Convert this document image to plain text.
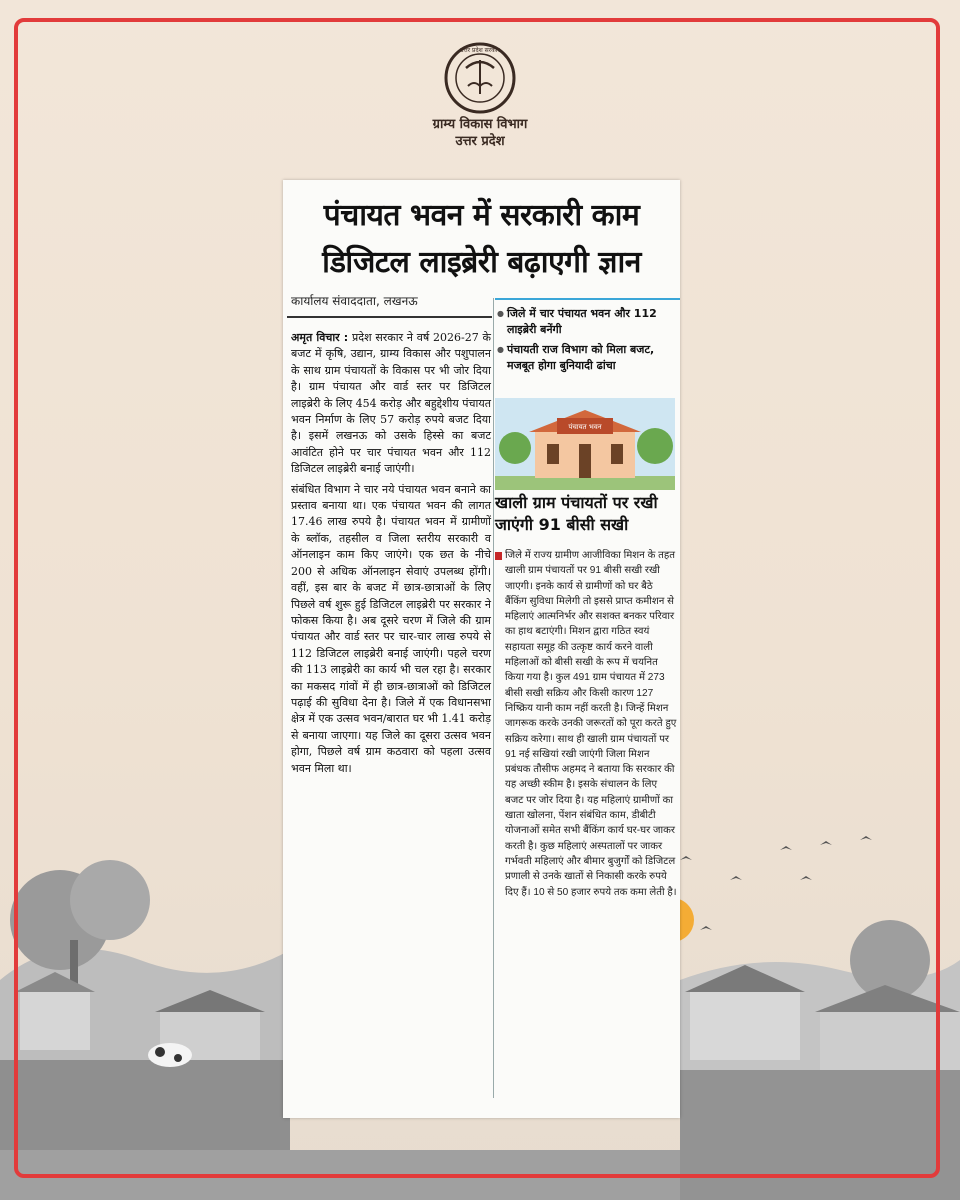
उत्तर प्रदेश सरकार
ग्राम्य विकास विभाग
उत्तर प्रदेश
पंचायत भवन में सरकारी काम
डिजिटल लाइब्रेरी बढ़ाएगी ज्ञान
कार्यालय संवाददाता, लखनऊ

अमृत विचार : प्रदेश सरकार ने वर्ष 2026-27 के बजट में कृषि, उद्यान, ग्राम्य विकास और पशुपालन के साथ ग्राम पंचायतों के विकास पर भी जोर दिया है। ग्राम पंचायत और वार्ड स्तर पर डिजिटल लाइब्रेरी के लिए 454 करोड़ और बहुद्देशीय पंचायत भवन निर्माण के लिए 57 करोड़ रुपये बजट दिया है। इसमें लखनऊ को उसके हिस्से का बजट आवंटित होने पर चार पंचायत भवन और 112 डिजिटल लाइब्रेरी बनाई जाएंगी।

संबंधित विभाग ने चार नये पंचायत भवन बनाने का प्रस्ताव बनाया था। एक पंचायत भवन की लागत 17.46 लाख रुपये है। पंचायत भवन में ग्रामीणों के ब्लॉक, तहसील व जिला स्तरीय सरकारी व ऑनलाइन काम किए जाएंगे। एक छत के नीचे 200 से अधिक ऑनलाइन सेवाएं उपलब्ध होंगी। वहीं, इस बार के बजट में छात्र-छात्राओं के लिए पिछले वर्ष शुरू हुई डिजिटल लाइब्रेरी पर सरकार ने फोकस किया है। अब दूसरे चरण में जिले की ग्राम पंचायत और वार्ड स्तर पर चार-चार लाख रुपये से 112 डिजिटल लाइब्रेरी बनाई जाएंगी। पहले चरण की 113 लाइब्रेरी का कार्य भी चल रहा है। सरकार का मकसद गांवों में ही छात्र-छात्राओं को डिजिटल पढ़ाई की सुविधा देना है। जिले में एक विधानसभा क्षेत्र में एक उत्सव भवन/बारात घर भी 1.41 करोड़ से बनाया जाएगा। यह जिले का दूसरा उत्सव भवन होगा, पिछले वर्ष ग्राम कठवारा को पहला उत्सव भवन मिला था।

● जिले में चार पंचायत भवन और 112 लाइब्रेरी बनेंगी
● पंचायती राज विभाग को मिला बजट, मजबूत होगा बुनियादी ढांचा
पंचायत भवन
खाली ग्राम पंचायतों पर रखी जाएंगी 91 बीसी सखी
जिले में राज्य ग्रामीण आजीविका मिशन के तहत खाली ग्राम पंचायतों पर 91 बीसी सखी रखी जाएगी। इनके कार्य से ग्रामीणों को घर बैठे बैंकिंग सुविधा मिलेगी तो इससे प्राप्त कमीशन से महिलाएं आत्मनिर्भर और सशक्त बनकर परिवार का हाथ बटाएंगी। मिशन द्वारा गठित स्वयं सहायता समूह की उत्कृष्ट कार्य करने वाली महिलाओं को बीसी सखी के रूप में चयनित किया गया है। कुल 491 ग्राम पंचायत में 273 बीसी सखी सक्रिय और किसी कारण 127 निष्क्रिय यानी काम नहीं करती है। जिन्हें मिशन जागरूक करके उनकी जरूरतों को पूरा करते हुए सक्रिय करेगा। साथ ही खाली ग्राम पंचायतों पर 91 नई सखियां रखी जाएंगी जिला मिशन प्रबंधक तौसीफ अहमद ने बताया कि सरकार की यह अच्छी स्कीम है। इसके संचालन के लिए बजट पर जोर दिया है। यह महिलाएं ग्रामीणों का खाता खोलना, पेंशन संबंधित काम, डीबीटी योजनाओं समेत सभी बैंकिंग कार्य घर-घर जाकर करती है। कुछ महिलाएं अस्पतालों पर जाकर गर्भवती महिलाएं और बीमार बुजुर्गों को डिजिटल प्रणाली से उनके खातों से निकासी करके रुपये दिए हैं। 10 से 50 हजार रुपये तक कमा लेती है।
